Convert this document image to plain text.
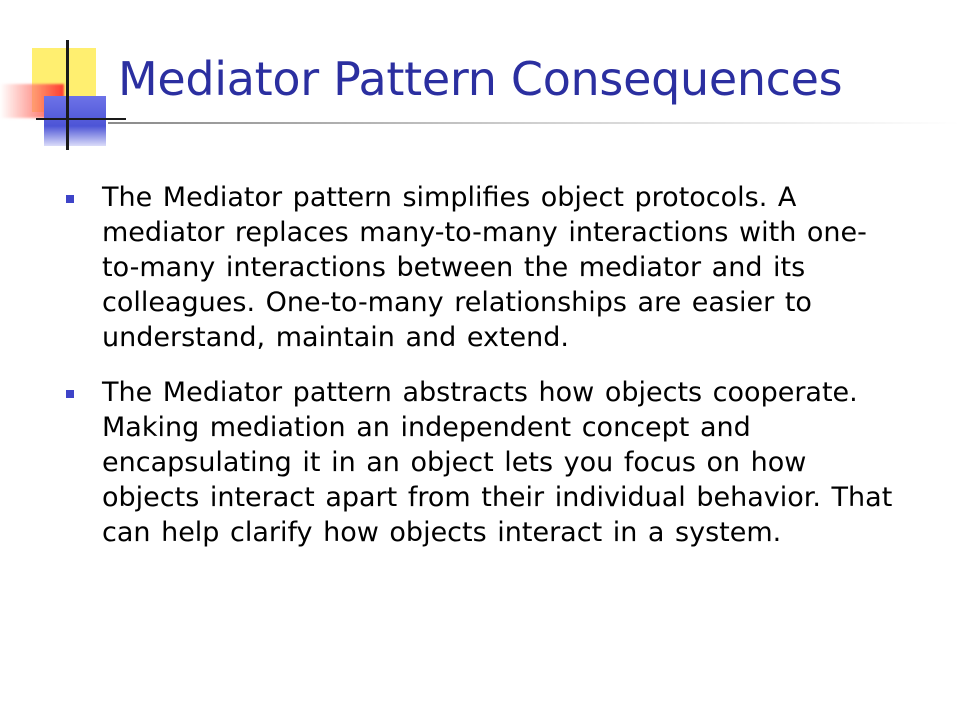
Mediator Pattern Consequences
The Mediator pattern simplifies object protocols. A mediator replaces many-to-many interactions with one-to-many interactions between the mediator and its colleagues. One-to-many relationships are easier to understand, maintain and extend.
The Mediator pattern abstracts how objects cooperate. Making mediation an independent concept and encapsulating it in an object lets you focus on how objects interact apart from their individual behavior. That can help clarify how objects interact in a system.
